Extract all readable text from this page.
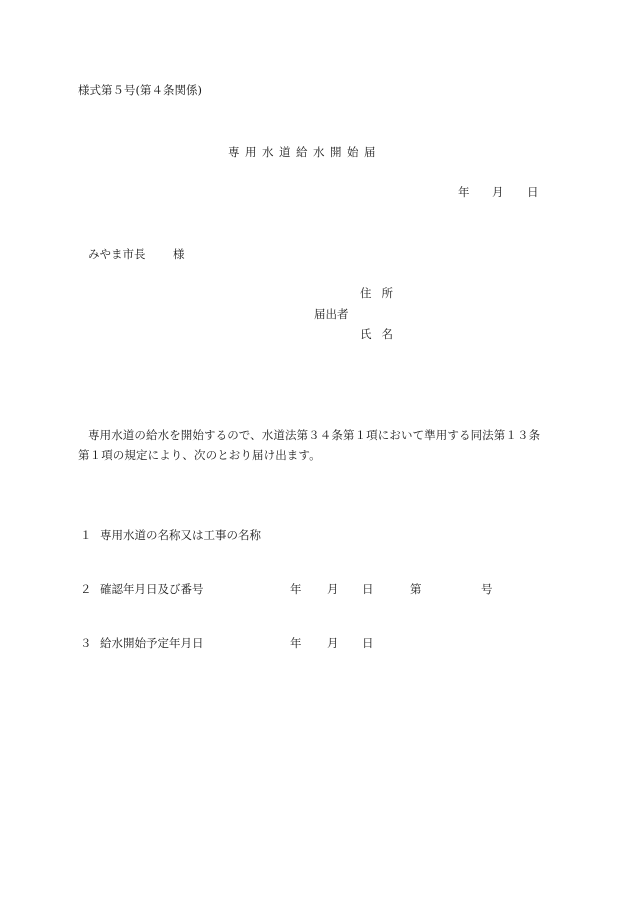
様式第５号(第４条関係)
専用水道給水開始届
年 月 日
みやま市長 様
住所
届出者
氏名
専用水道の給水を開始するので、水道法第３４条第１項において準用する同法第１３条
第１項の規定により、次のとおり届け出ます。
１ 専用水道の名称又は工事の名称
２ 確認年月日及び番号	年 月 日	第	号
３ 給水開始予定年月日	年 月 日
